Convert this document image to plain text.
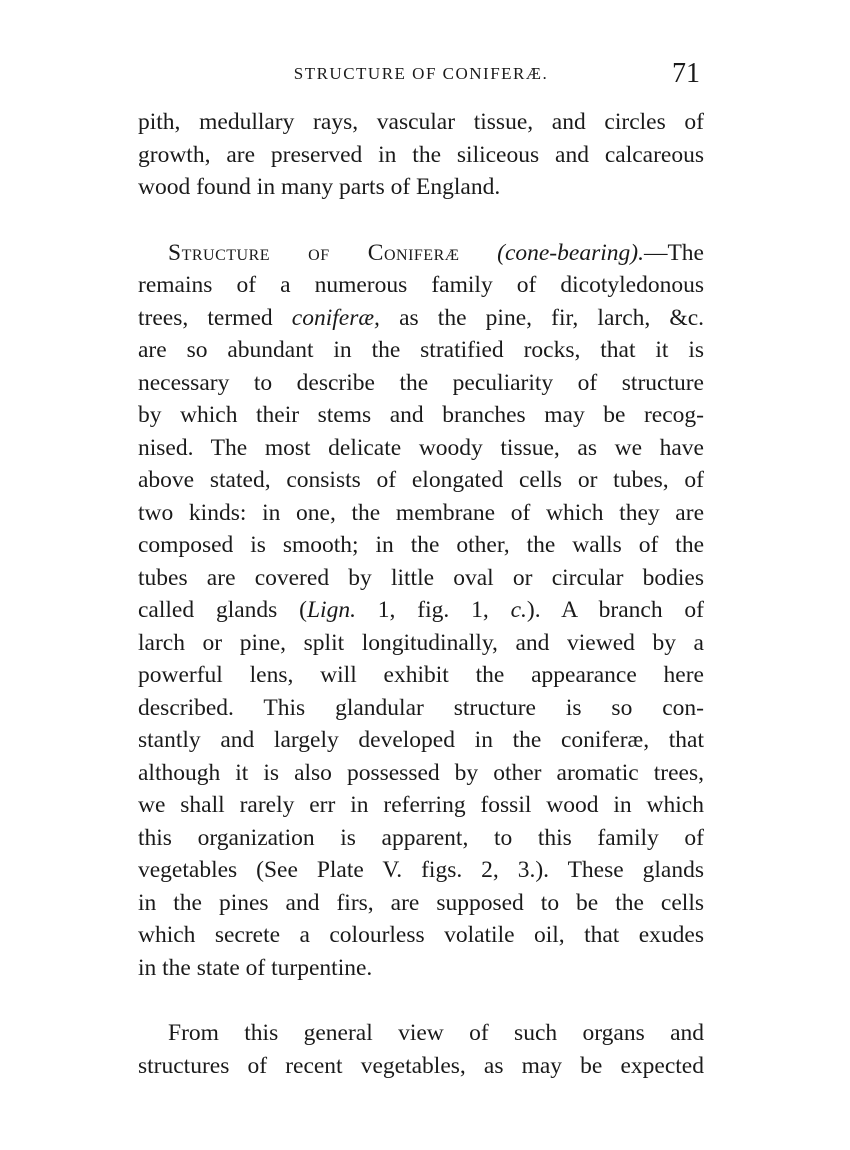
STRUCTURE OF CONIFERÆ.	71

pith, medullary rays, vascular tissue, and circles of
growth, are preserved in the siliceous and calcareous
wood found in many parts of England.

Structure of Coniferæ (cone-bearing).—The
remains of a numerous family of dicotyledonous
trees, termed coniferæ, as the pine, fir, larch, &c.
are so abundant in the stratified rocks, that it is
necessary to describe the peculiarity of structure
by which their stems and branches may be recog-
nised. The most delicate woody tissue, as we have
above stated, consists of elongated cells or tubes, of
two kinds: in one, the membrane of which they are
composed is smooth; in the other, the walls of the
tubes are covered by little oval or circular bodies
called glands (Lign. 1, fig. 1, c.). A branch of
larch or pine, split longitudinally, and viewed by a
powerful lens, will exhibit the appearance here
described. This glandular structure is so con-
stantly and largely developed in the coniferæ, that
although it is also possessed by other aromatic trees,
we shall rarely err in referring fossil wood in which
this organization is apparent, to this family of
vegetables (See Plate V. figs. 2, 3.). These glands
in the pines and firs, are supposed to be the cells
which secrete a colourless volatile oil, that exudes
in the state of turpentine.

From this general view of such organs and
structures of recent vegetables, as may be expected
